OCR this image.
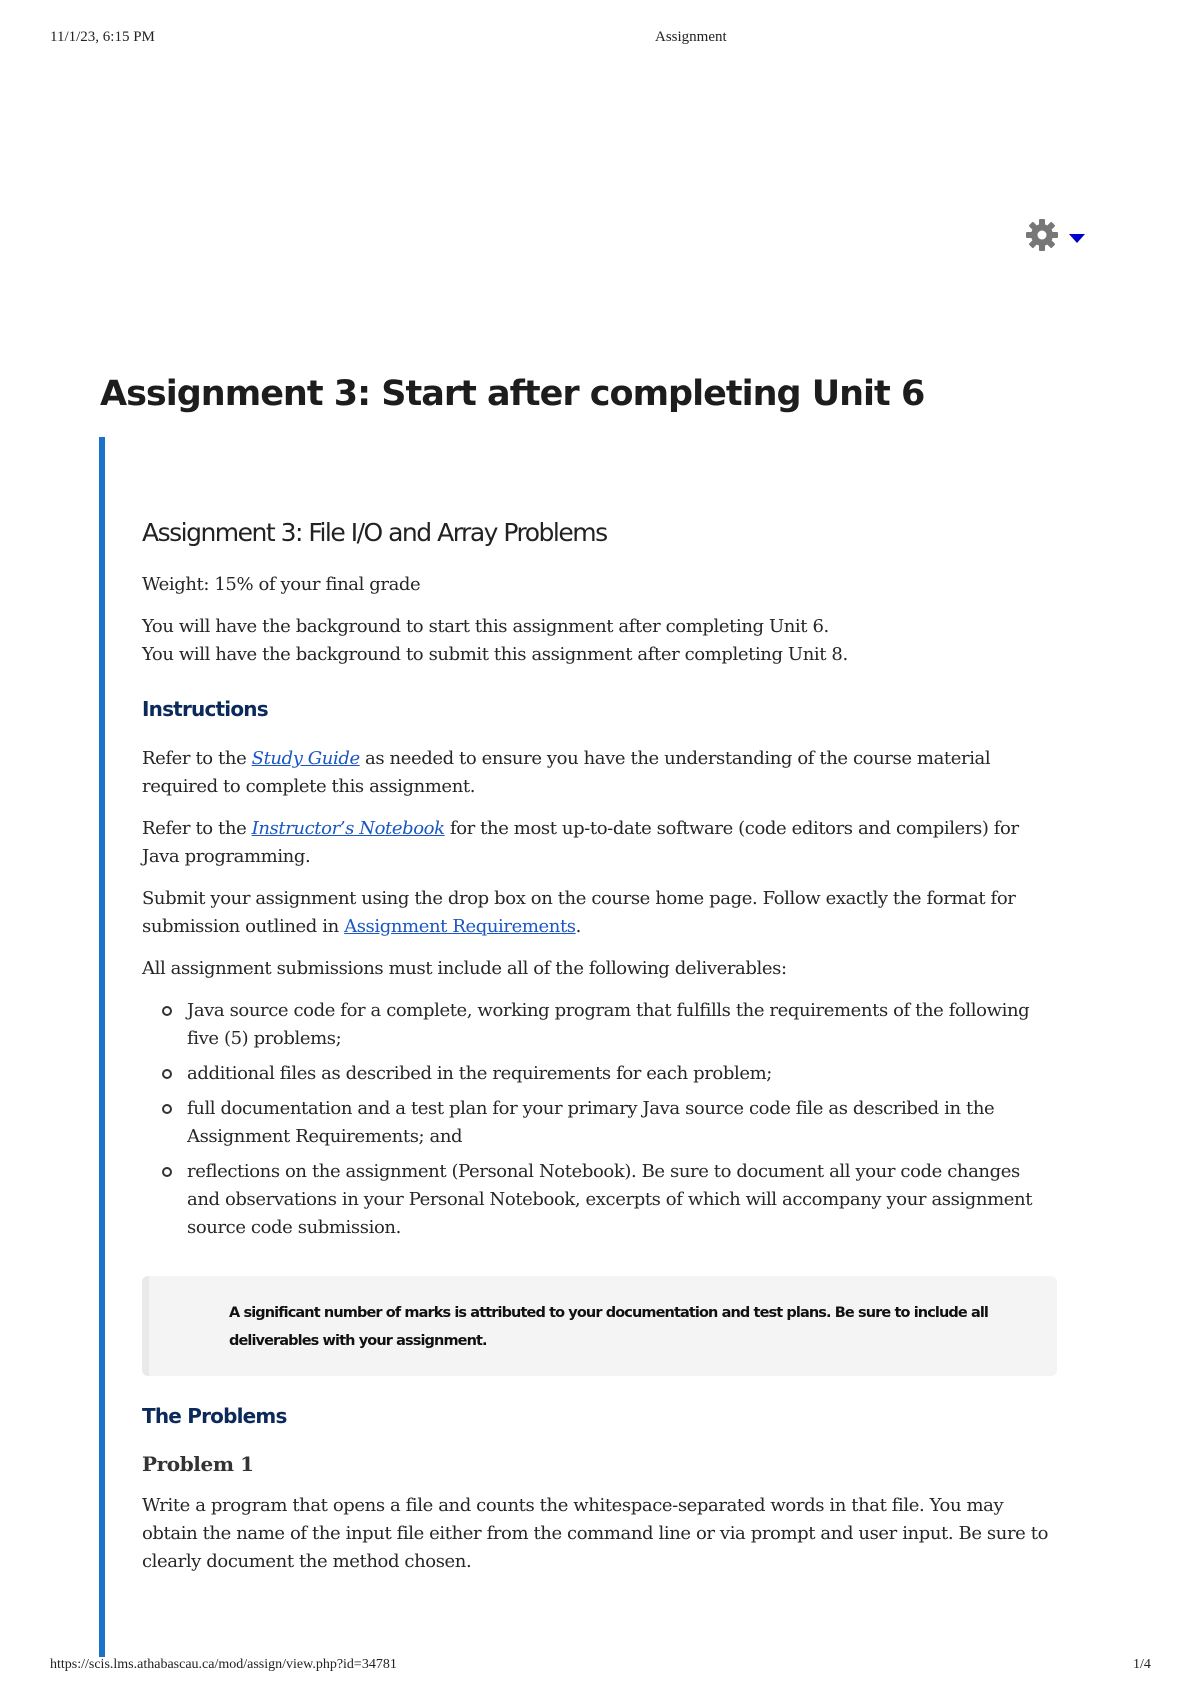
11/1/23, 6:15 PM	Assignment
Assignment 3: Start after completing Unit 6
Assignment 3: File I/O and Array Problems

Weight: 15% of your final grade

You will have the background to start this assignment after completing Unit 6.
You will have the background to submit this assignment after completing Unit 8.

Instructions

Refer to the Study Guide as needed to ensure you have the understanding of the course material required to complete this assignment.

Refer to the Instructor’s Notebook for the most up-to-date software (code editors and compilers) for Java programming.

Submit your assignment using the drop box on the course home page. Follow exactly the format for submission outlined in Assignment Requirements.

All assignment submissions must include all of the following deliverables:

Java source code for a complete, working program that fulfills the requirements of the following five (5) problems;
additional files as described in the requirements for each problem;
full documentation and a test plan for your primary Java source code file as described in the Assignment Requirements; and
reflections on the assignment (Personal Notebook). Be sure to document all your code changes and observations in your Personal Notebook, excerpts of which will accompany your assignment source code submission.

A significant number of marks is attributed to your documentation and test plans. Be sure to include all deliverables with your assignment.

The Problems
Problem 1

Write a program that opens a file and counts the whitespace-separated words in that file. You may obtain the name of the input file either from the command line or via prompt and user input. Be sure to clearly document the method chosen.

https://scis.lms.athabascau.ca/mod/assign/view.php?id=34781	1/4
